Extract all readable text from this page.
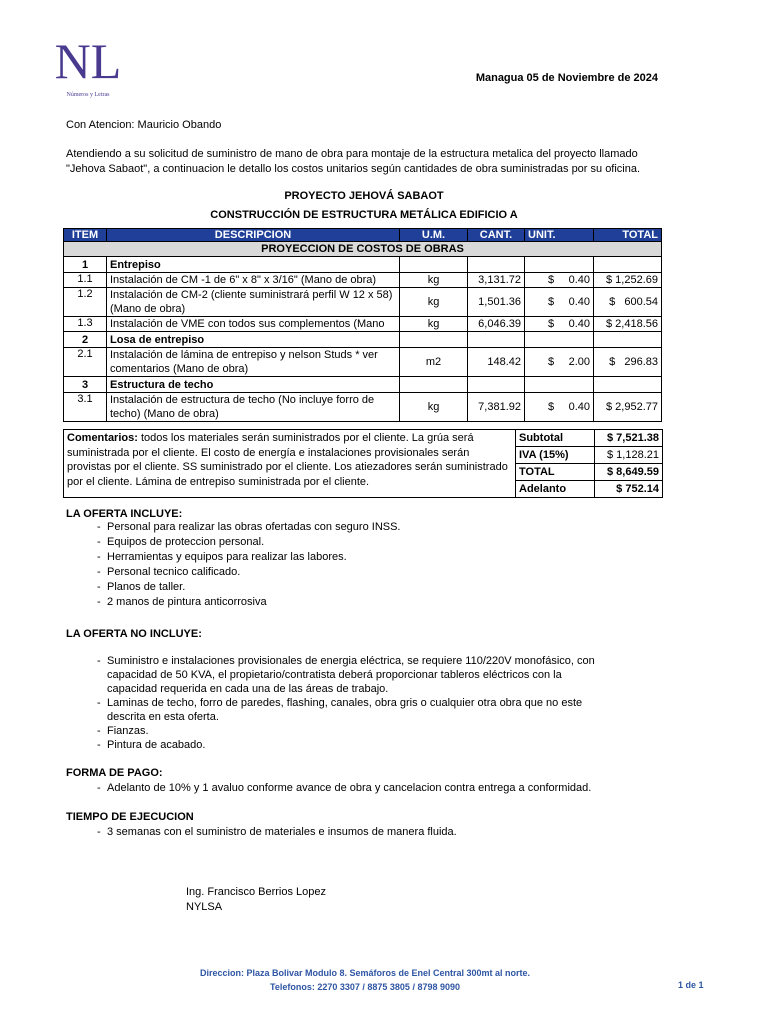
NL
Números y Letras
Managua 05 de Noviembre de 2024
Con Atencion: Mauricio Obando
Atendiendo a su solicitud de suministro de mano de obra para montaje de la estructura metalica del proyecto llamado "Jehova Sabaot", a continuacion le detallo los costos unitarios según cantidades de obra suministradas por su oficina.
PROYECTO JEHOVÁ SABAOT
CONSTRUCCIÓN DE ESTRUCTURA METÁLICA EDIFICIO A
ITEM	DESCRIPCION	U.M.	CANT.	UNIT.	TOTAL
PROYECCION DE COSTOS DE OBRAS					
1	Entrepiso				
1.1	Instalación de CM -1 de 6" x 8" x 3/16" (Mano de obra)	kg	3,131.72	$ 0.40	$ 1,252.69
1.2	Instalación de CM-2 (cliente suministrará perfil W 12 x 58) (Mano de obra)	kg	1,501.36	$ 0.40	$   600.54
1.3	Instalación de VME con todos sus complementos (Mano	kg	6,046.39	$ 0.40	$ 2,418.56
2	Losa de entrepiso				
2.1	Instalación de lámina de entrepiso y nelson Studs * ver comentarios (Mano de obra)	m2	148.42	$ 2.00	$   296.83
3	Estructura de techo				
3.1	Instalación de estructura de techo (No incluye forro de techo) (Mano de obra)	kg	7,381.92	$ 0.40	$ 2,952.77
Comentarios: todos los materiales serán suministrados por el cliente. La grúa será suministrada por el cliente. El costo de energía e instalaciones provisionales serán provistas por el cliente. SS suministrado por el cliente. Los atiezadores serán suministrado por el cliente. Lámina de entrepiso suministrada por el cliente.	Subtotal	$ 7,521.38
	IVA (15%)	$ 1,128.21
	TOTAL	$ 8,649.59
	Adelanto	$ 752.14
LA OFERTA INCLUYE:
- Personal para realizar las obras ofertadas con seguro INSS.
- Equipos de proteccion personal.
- Herramientas y equipos para realizar las labores.
- Personal tecnico calificado.
- Planos de taller.
- 2 manos de pintura anticorrosiva
LA OFERTA NO INCLUYE:
- Suministro e instalaciones provisionales de energia eléctrica, se requiere 110/220V monofásico, con capacidad de 50 KVA, el propietario/contratista deberá proporcionar tableros eléctricos con la capacidad requerida en cada una de las áreas de trabajo.
- Laminas de techo, forro de paredes, flashing, canales, obra gris o cualquier otra obra que no este descrita en esta oferta.
- Fianzas.
- Pintura de acabado.
FORMA DE PAGO:
- Adelanto de 10% y 1 avaluo conforme avance de obra y cancelacion contra entrega a conformidad.
TIEMPO DE EJECUCION
- 3 semanas con el suministro de materiales e insumos de manera fluida.
Ing. Francisco Berrios Lopez
NYLSA
Direccion: Plaza Bolivar Modulo 8. Semáforos de Enel Central 300mt al norte.
Telefonos: 2270 3307 / 8875 3805 / 8798 9090	1 de 1
